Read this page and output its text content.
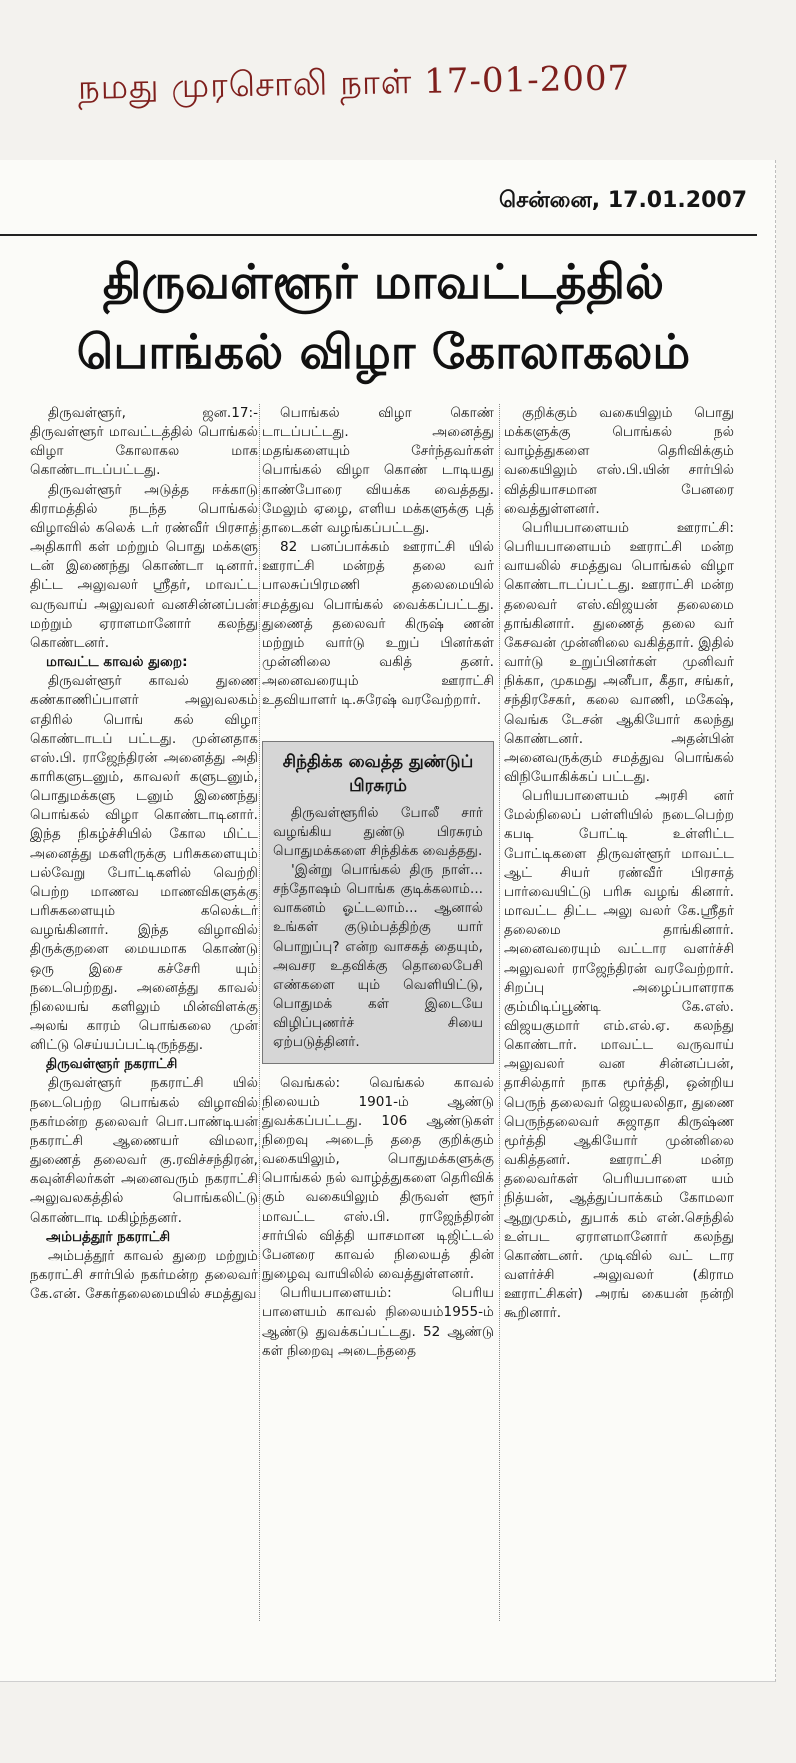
நமது முரசொலி நாள் 17-01-2007
சென்னை, 17.01.2007
திருவள்ளூர் மாவட்டத்தில்
பொங்கல் விழா கோலாகலம்

திருவள்ளூர், ஜன.17:- திருவள்ளூர் மாவட்டத்தில் பொங்கல் விழா கோலாகல மாக கொண்டாடப்பட்டது.

திருவள்ளூர் அடுத்த ஈக்காடு கிராமத்தில் நடந்த பொங்கல் விழாவில் கலெக் டர் ரண்வீர் பிரசாத் அதிகாரி கள் மற்றும் பொது மக்களு டன் இணைந்து கொண்டா டினார். திட்ட அலுவலர் ஸ்ரீதர், மாவட்ட வருவாய் அலுவலர் வனசின்னப்பன் மற்றும் ஏராளமானோர் கலந்து கொண்டனர்.

மாவட்ட காவல் துறை:

திருவள்ளூர் காவல் துணை கண்காணிப்பாளர் அலுவலகம் எதிரில் பொங் கல் விழா கொண்டாடப் பட்டது. முன்னதாக எஸ்.பி. ராஜேந்திரன் அனைத்து அதி காரிகளுடனும், காவலர் களுடனும், பொதுமக்களு டனும் இணைந்து பொங்கல் விழா கொண்டாடினார். இந்த நிகழ்ச்சியில் கோல மிட்ட அனைத்து மகளிருக்கு பரிசுகளையும் பல்வேறு போட்டிகளில் வெற்றி பெற்ற மாணவ மாணவிகளுக்கு பரிசுகளையும் கலெக்டர் வழங்கினார். இந்த விழாவில் திருக்குறளை மையமாக கொண்டு ஒரு இசை கச்சேரி யும் நடைபெற்றது. அனைத்து காவல் நிலையங் களிலும் மின்விளக்கு அலங் காரம் பொங்கலை முன் னிட்டு செய்யப்பட்டிருந்தது.

திருவள்ளூர் நகராட்சி

திருவள்ளூர் நகராட்சி யில் நடைபெற்ற பொங்கல் விழாவில் நகர்மன்ற தலைவர் பொ.பாண்டியன் நகராட்சி ஆணையர் விமலா, துணைத் தலைவர் கு.ரவிச்சந்திரன், கவுன்சிலர்கள் அனைவரும் நகராட்சி அலுவலகத்தில் பொங்கலிட்டு கொண்டாடி மகிழ்ந்தனர்.

அம்பத்தூர் நகராட்சி

அம்பத்தூர் காவல் துறை மற்றும் நகராட்சி சார்பில் நகர்மன்ற தலைவர் கே.என். சேகர்தலைமையில் சமத்துவ

பொங்கல் விழா கொண் டாடப்பட்டது. அனைத்து மதங்களையும் சேர்ந்தவர்கள் பொங்கல் விழா கொண் டாடியது காண்போரை வியக்க வைத்தது. மேலும் ஏழை, எளிய மக்களுக்கு புத் தாடைகள் வழங்கப்பட்டது.

82 பனப்பாக்கம் ஊராட்சி யில் ஊராட்சி மன்றத் தலை வர் பாலசுப்பிரமணி தலைமையில் சமத்துவ பொங்கல் வைக்கப்பட்டது. துணைத் தலைவர் கிருஷ் ணன் மற்றும் வார்டு உறுப் பினர்கள் முன்னிலை வகித் தனர். அனைவரையும் ஊராட்சி உதவியாளர் டி.சுரேஷ் வரவேற்றார்.

சிந்திக்க வைத்த துண்டுப் பிரசுரம்

திருவள்ளூரில் போலீ சார் வழங்கிய துண்டு பிரசுரம் பொதுமக்களை சிந்திக்க வைத்தது.

'இன்று பொங்கல் திரு நாள்... சந்தோஷம் பொங்க குடிக்கலாம்... வாகனம் ஓட்டலாம்... ஆனால் உங்கள் குடும்பத்திற்கு யார் பொறுப்பு? என்ற வாசகத் தையும், அவசர உதவிக்கு தொலைபேசி எண்களை யும் வெளியிட்டு, பொதுமக் கள் இடையே விழிப்புணர்ச் சியை ஏற்படுத்தினர்.

வெங்கல்: வெங்கல் காவல் நிலையம் 1901-ம் ஆண்டு துவக்கப்பட்டது. 106 ஆண்டுகள் நிறைவு அடைந் ததை குறிக்கும் வகையிலும், பொதுமக்களுக்கு பொங்கல் நல் வாழ்த்துகளை தெரிவிக் கும் வகையிலும் திருவள் ளூர் மாவட்ட எஸ்.பி. ராஜேந்திரன் சார்பில் வித்தி யாசமான டிஜிட்டல் பேனரை காவல் நிலையத் தின் நுழைவு வாயிலில் வைத்துள்ளனர்.

பெரியபாளையம்: பெரிய பாளையம் காவல் நிலையம்1955-ம் ஆண்டு துவக்கப்பட்டது. 52 ஆண்டு கள் நிறைவு அடைந்ததை

குறிக்கும் வகையிலும் பொது மக்களுக்கு பொங்கல் நல் வாழ்த்துகளை தெரிவிக்கும் வகையிலும் எஸ்.பி.யின் சார்பில் வித்தியாசமான பேனரை வைத்துள்ளனர்.

பெரியபாளையம் ஊராட்சி: பெரியபாளையம் ஊராட்சி மன்ற வாயலில் சமத்துவ பொங்கல் விழா கொண்டாடப்பட்டது. ஊராட்சி மன்ற தலைவர் எஸ்.விஜயன் தலைமை தாங்கினார். துணைத் தலை வர் கேசவன் முன்னிலை வகித்தார். இதில் வார்டு உறுப்பினர்கள் முனிவர் நிக்கா, முகமது அனீபா, கீதா, சங்கர், சந்திரசேகர், கலை வாணி, மகேஷ், வெங்க டேசன் ஆகியோர் கலந்து கொண்டனர். அதன்பின் அனைவருக்கும் சமத்துவ பொங்கல் விநியோகிக்கப் பட்டது.

பெரியபாளையம் அரசி னர் மேல்நிலைப் பள்ளியில் நடைபெற்ற கபடி போட்டி உள்ளிட்ட போட்டிகளை திருவள்ளூர் மாவட்ட ஆட் சியர் ரண்வீர் பிரசாத் பார்வையிட்டு பரிசு வழங் கினார். மாவட்ட திட்ட அலு வலர் கே.ஸ்ரீதர் தலைமை தாங்கினார். அனைவரையும் வட்டார வளர்ச்சி அலுவலர் ராஜேந்திரன் வரவேற்றார். சிறப்பு அழைப்பாளராக கும்மிடிப்பூண்டி கே.எஸ். விஜயகுமார் எம்.எல்.ஏ. கலந்து கொண்டார். மாவட்ட வருவாய் அலுவலர் வன சின்னப்பன், தாசில்தார் நாக மூர்த்தி, ஒன்றிய பெருந் தலைவர் ஜெயலலிதா, துணை பெருந்தலைவர் சுஜாதா கிருஷ்ண மூர்த்தி ஆகியோர் முன்னிலை வகித்தனர். ஊராட்சி மன்ற தலைவர்கள் பெரியபாளை யம் நித்யன், ஆத்துப்பாக்கம் கோமலா ஆறுமுகம், துபாக் கம் என்.செந்தில் உள்பட ஏராளமானோர் கலந்து கொண்டனர். முடிவில் வட் டார வளர்ச்சி அலுவலர் (கிராம ஊராட்சிகள்) அரங் கையன் நன்றி கூறினார்.
